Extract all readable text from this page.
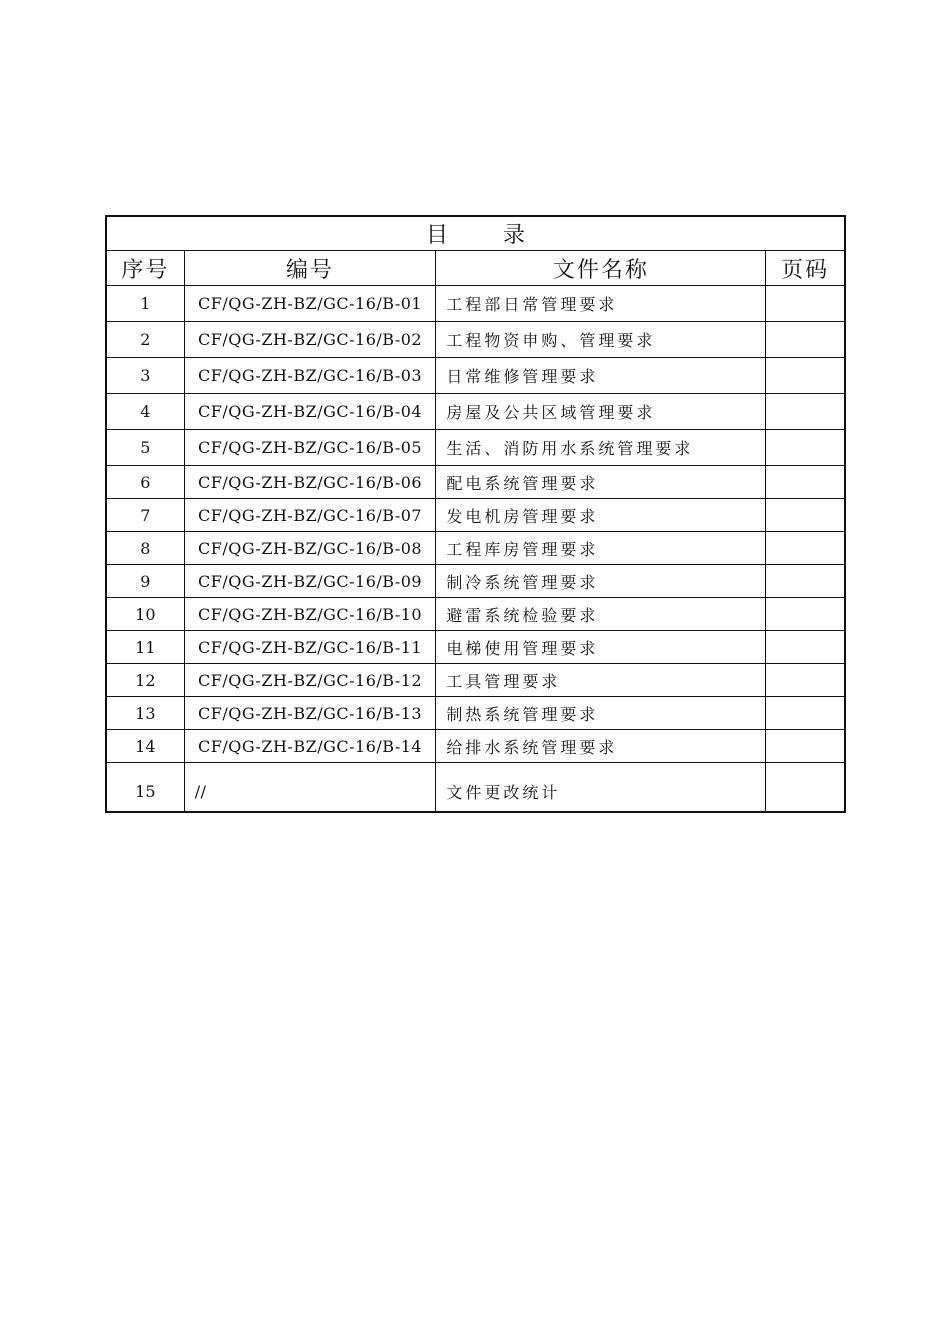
目 录			
序号	编号	文件名称	页码
1	CF/QG-ZH-BZ/GC-16/B-01	工程部日常管理要求	
2	CF/QG-ZH-BZ/GC-16/B-02	工程物资申购、管理要求	
3	CF/QG-ZH-BZ/GC-16/B-03	日常维修管理要求	
4	CF/QG-ZH-BZ/GC-16/B-04	房屋及公共区域管理要求	
5	CF/QG-ZH-BZ/GC-16/B-05	生活、消防用水系统管理要求	
6	CF/QG-ZH-BZ/GC-16/B-06	配电系统管理要求	
7	CF/QG-ZH-BZ/GC-16/B-07	发电机房管理要求	
8	CF/QG-ZH-BZ/GC-16/B-08	工程库房管理要求	
9	CF/QG-ZH-BZ/GC-16/B-09	制冷系统管理要求	
10	CF/QG-ZH-BZ/GC-16/B-10	避雷系统检验要求	
11	CF/QG-ZH-BZ/GC-16/B-11	电梯使用管理要求	
12	CF/QG-ZH-BZ/GC-16/B-12	工具管理要求	
13	CF/QG-ZH-BZ/GC-16/B-13	制热系统管理要求	
14	CF/QG-ZH-BZ/GC-16/B-14	给排水系统管理要求	
15	//	文件更改统计	
